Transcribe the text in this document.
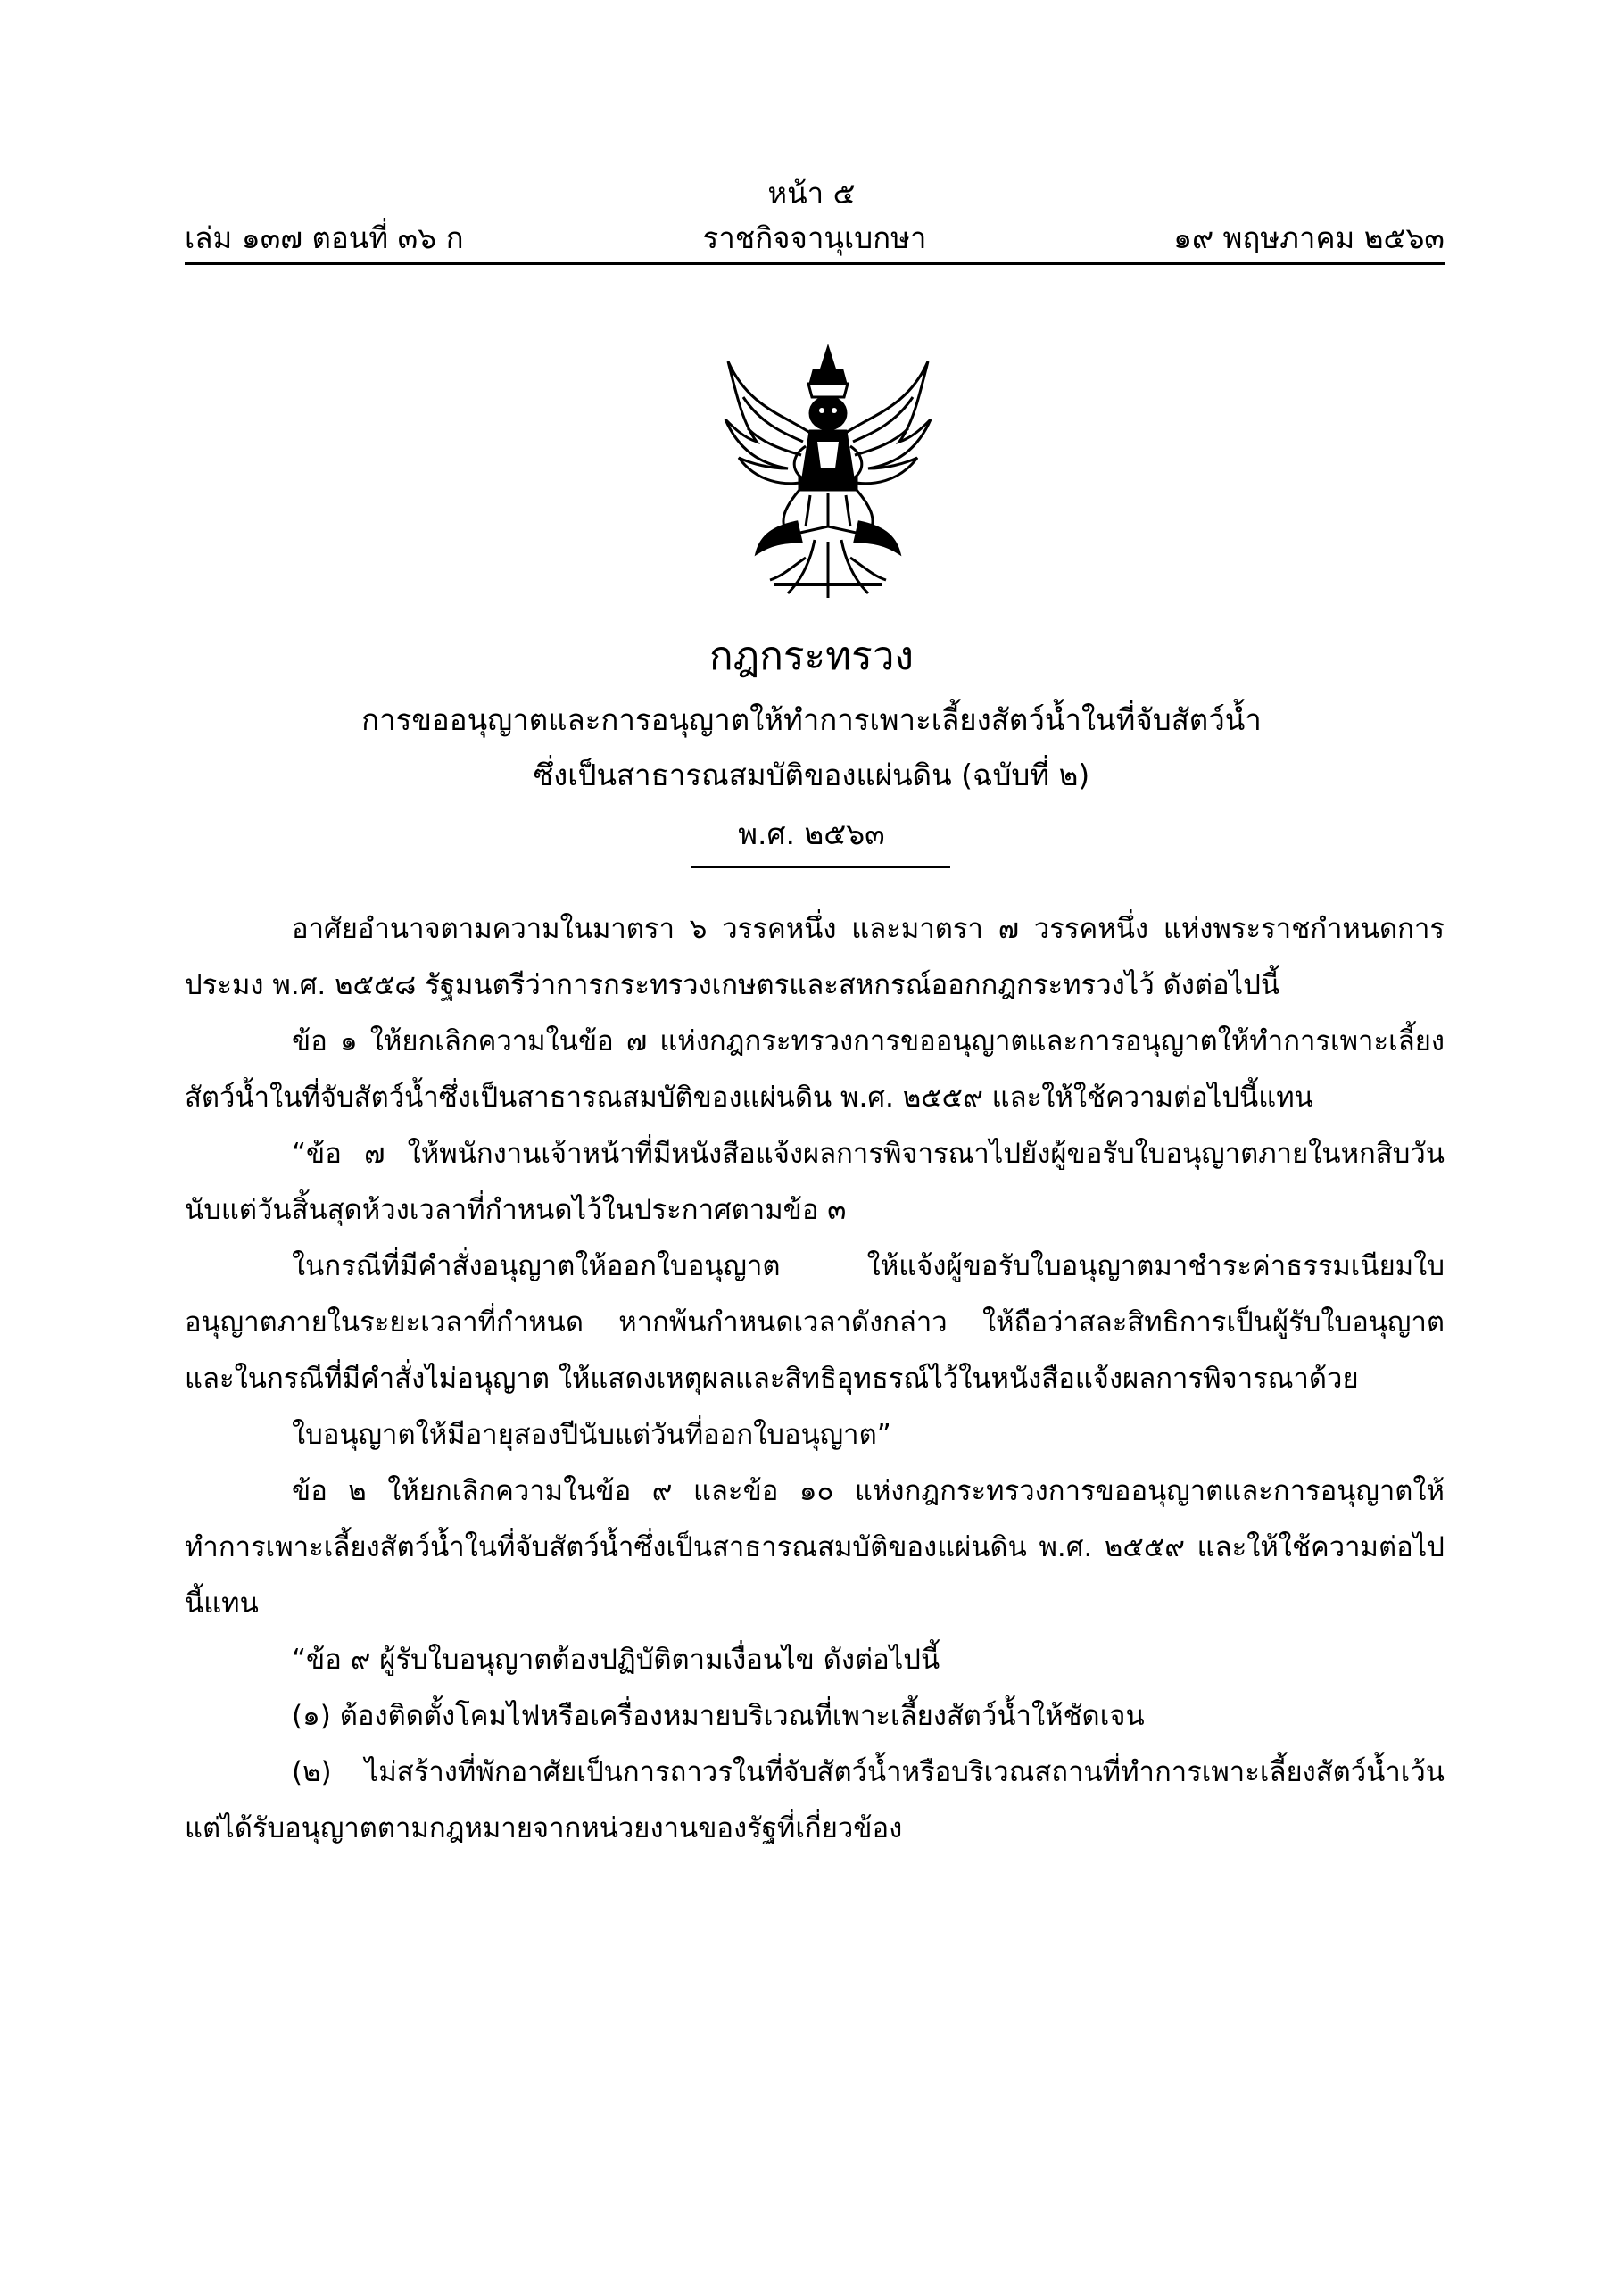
หน้า ๕
ราชกิจจานุเบกษา
เล่ม ๑๓๗ ตอนที่ ๓๖ ก	๑๙ พฤษภาคม ๒๕๖๓
กฎกระทรวง
การขออนุญาตและการอนุญาตให้ทำการเพาะเลี้ยงสัตว์น้ำในที่จับสัตว์น้ำ
ซึ่งเป็นสาธารณสมบัติของแผ่นดิน (ฉบับที่ ๒)
พ.ศ. ๒๕๖๓

อาศัยอำนาจตามความในมาตรา ๖ วรรคหนึ่ง และมาตรา ๗ วรรคหนึ่ง แห่งพระราชกำหนดการประมง พ.ศ. ๒๕๕๘ รัฐมนตรีว่าการกระทรวงเกษตรและสหกรณ์ออกกฎกระทรวงไว้ ดังต่อไปนี้

ข้อ ๑ ให้ยกเลิกความในข้อ ๗ แห่งกฎกระทรวงการขออนุญาตและการอนุญาตให้ทำการเพาะเลี้ยงสัตว์น้ำในที่จับสัตว์น้ำซึ่งเป็นสาธารณสมบัติของแผ่นดิน พ.ศ. ๒๕๕๙ และให้ใช้ความต่อไปนี้แทน

“ข้อ ๗ ให้พนักงานเจ้าหน้าที่มีหนังสือแจ้งผลการพิจารณาไปยังผู้ขอรับใบอนุญาตภายในหกสิบวันนับแต่วันสิ้นสุดห้วงเวลาที่กำหนดไว้ในประกาศตามข้อ ๓

ในกรณีที่มีคำสั่งอนุญาตให้ออกใบอนุญาต ให้แจ้งผู้ขอรับใบอนุญาตมาชำระค่าธรรมเนียมใบอนุญาตภายในระยะเวลาที่กำหนด หากพ้นกำหนดเวลาดังกล่าว ให้ถือว่าสละสิทธิการเป็นผู้รับใบอนุญาต และในกรณีที่มีคำสั่งไม่อนุญาต ให้แสดงเหตุผลและสิทธิอุทธรณ์ไว้ในหนังสือแจ้งผลการพิจารณาด้วย

ใบอนุญาตให้มีอายุสองปีนับแต่วันที่ออกใบอนุญาต”

ข้อ ๒ ให้ยกเลิกความในข้อ ๙ และข้อ ๑๐ แห่งกฎกระทรวงการขออนุญาตและการอนุญาตให้ทำการเพาะเลี้ยงสัตว์น้ำในที่จับสัตว์น้ำซึ่งเป็นสาธารณสมบัติของแผ่นดิน พ.ศ. ๒๕๕๙ และให้ใช้ความต่อไปนี้แทน

“ข้อ ๙ ผู้รับใบอนุญาตต้องปฏิบัติตามเงื่อนไข ดังต่อไปนี้

(๑) ต้องติดตั้งโคมไฟหรือเครื่องหมายบริเวณที่เพาะเลี้ยงสัตว์น้ำให้ชัดเจน

(๒) ไม่สร้างที่พักอาศัยเป็นการถาวรในที่จับสัตว์น้ำหรือบริเวณสถานที่ทำการเพาะเลี้ยงสัตว์น้ำเว้นแต่ได้รับอนุญาตตามกฎหมายจากหน่วยงานของรัฐที่เกี่ยวข้อง
